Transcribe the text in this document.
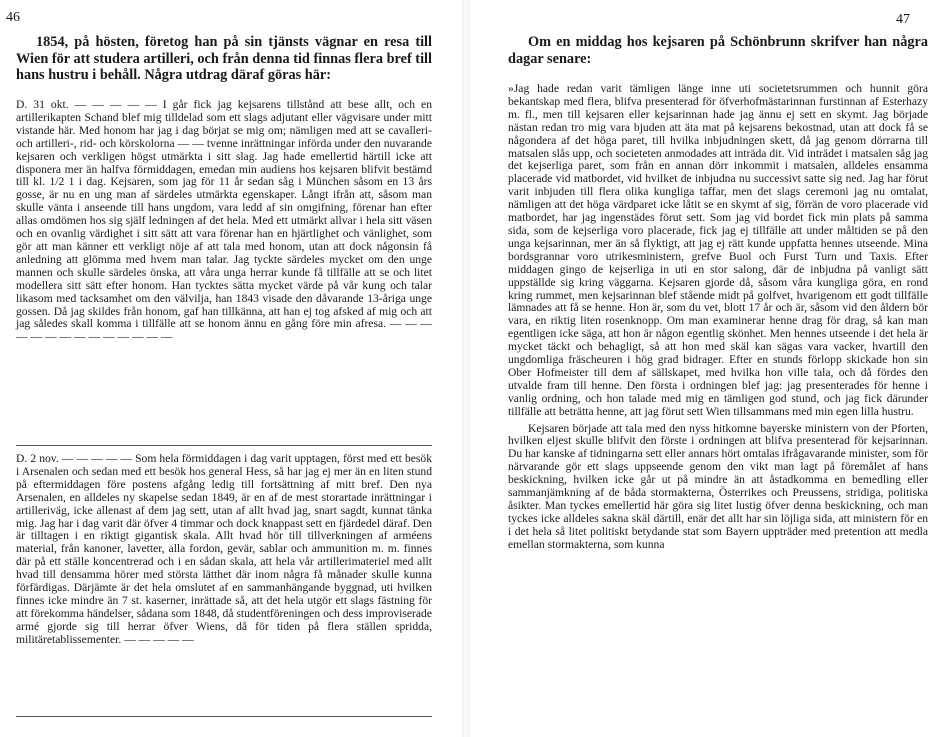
46

1854, på hösten, företog han på sin tjänsts vägnar en resa till Wien för att studera artilleri, och från denna tid finnas flera bref till hans hustru i behåll. Några utdrag däraf göras här:

D. 31 okt. — — — — — I går fick jag kejsarens tillstånd att bese allt, och en artillerikapten Schand blef mig tilldelad som ett slags adjutant eller vägvisare under mitt vistande här. Med honom har jag i dag börjat se mig om; nämligen med att se cavalleri- och artilleri-, rid- och körskolorna — — tvenne inrättningar införda under den nuvarande kejsaren och verkligen högst utmärkta i sitt slag. Jag hade emellertid härtill icke att disponera mer än halfva förmiddagen, emedan min audiens hos kejsaren blifvit bestämd till kl. 1/2 1 i dag. Kejsaren, som jag för 11 år sedan såg i München såsom en 13 års gosse, är nu en ung man af särdeles utmärkta egenskaper. Långt ifrån att, såsom man skulle vänta i anseende till hans ungdom, vara ledd af sin omgifning, förenar han efter allas omdömen hos sig själf ledningen af det hela. Med ett utmärkt allvar i hela sitt väsen och en ovanlig värdighet i sitt sätt att vara förenar han en hjärtlighet och vänlighet, som gör att man känner ett verkligt nöje af att tala med honom, utan att dock någonsin få anledning att glömma med hvem man talar. Jag tyckte särdeles mycket om den unge mannen och skulle särdeles önska, att våra unga herrar kunde få tillfälle att se och litet modellera sitt sätt efter honom. Han tycktes sätta mycket värde på vår kung och talar likasom med tacksamhet om den välvilja, han 1843 visade den dåvarande 13-åriga unge gossen. Då jag skildes från honom, gaf han tillkänna, att han ej tog afsked af mig och att jag således skall komma i tillfälle att se honom ännu en gång före min afresa. — — — — — — — — — — — — — —

D. 2 nov. — — — — — Som hela förmiddagen i dag varit upptagen, först med ett besök i Arsenalen och sedan med ett besök hos general Hess, så har jag ej mer än en liten stund på eftermiddagen före postens afgång ledig till fortsättning af mitt bref. Den nya Arsenalen, en alldeles ny skapelse sedan 1849, är en af de mest storartade inrättningar i artilleriväg, icke allenast af dem jag sett, utan af allt hvad jag, snart sagdt, kunnat tänka mig. Jag har i dag varit där öfver 4 timmar och dock knappast sett en fjärdedel däraf. Den är tilltagen i en riktigt gigantisk skala. Allt hvad hör till tillverkningen af arméens material, från kanoner, lavetter, alla fordon, gevär, sablar och ammunition m. m. finnes där på ett ställe koncentrerad och i en sådan skala, att hela vår artillerimateriel med allt hvad till densamma hörer med största lätthet där inom några få månader skulle kunna förfärdigas. Därjämte är det hela omslutet af en sammanhängande byggnad, uti hvilken finnes icke mindre än 7 st. kaserner, inrättade så, att det hela utgör ett slags fästning för att förekomma händelser, sådana som 1848, då studentföreningen och dess improviserade armé gjorde sig till herrar öfver Wiens, då för tiden på flera ställen spridda, militäretablissementer. — — — — —

47

Om en middag hos kejsaren på Schönbrunn skrifver han några dagar senare:

»Jag hade redan varit tämligen länge inne uti societetsrummen och hunnit göra bekantskap med flera, blifva presenterad för öfverhofmästarinnan furstinnan af Esterhazy m. fl., men till kejsaren eller kejsarinnan hade jag ännu ej sett en skymt. Jag började nästan redan tro mig vara bjuden att äta mat på kejsarens bekostnad, utan att dock få se någondera af det höga paret, till hvilka inbjudningen skett, då jag genom dörrarna till matsalen slås upp, och societeten anmodades att inträda dit. Vid inträdet i matsalen såg jag det kejserliga paret, som från en annan dörr inkommit i matsalen, alldeles ensamma placerade vid matbordet, vid hvilket de inbjudna nu successivt satte sig ned. Jag har förut varit inbjuden till flera olika kungliga taffar, men det slags ceremoni jag nu omtalat, nämligen att det höga värdparet icke låtit se en skymt af sig, förrän de voro placerade vid matbordet, har jag ingenstädes förut sett. Som jag vid bordet fick min plats på samma sida, som de kejserliga voro placerade, fick jag ej tillfälle att under måltiden se på den unga kejsarinnan, mer än så flyktigt, att jag ej rätt kunde uppfatta hennes utseende. Mina bordsgrannar voro utrikesministern, grefve Buol och Furst Turn und Taxis. Efter middagen gingo de kejserliga in uti en stor salong, där de inbjudna på vanligt sätt uppställde sig kring väggarna. Kejsaren gjorde då, såsom våra kungliga göra, en rond kring rummet, men kejsarinnan blef stående midt på golfvet, hvarigenom ett godt tillfälle lämnades att få se henne. Hon är, som du vet, blott 17 år och är, såsom vid den åldern bör vara, en riktig liten rosenknopp. Om man examinerar henne drag för drag, så kan man egentligen icke säga, att hon är någon egentlig skönhet. Men hennes utseende i det hela är mycket täckt och behagligt, så att hon med skäl kan sägas vara vacker, hvartill den ungdomliga fräscheuren i hög grad bidrager. Efter en stunds förlopp skickade hon sin Ober Hofmeister till dem af sällskapet, med hvilka hon ville tala, och då fördes den utvalde fram till henne. Den första i ordningen blef jag: jag presenterades för henne i vanlig ordning, och hon talade med mig en tämligen god stund, och jag fick därunder tillfälle att beträtta henne, att jag förut sett Wien tillsammans med min egen lilla hustru.
Kejsaren började att tala med den nyss hitkomne bayerske ministern von der Pforten, hvilken eljest skulle blifvit den förste i ordningen att blifva presenterad för kejsarinnan. Du har kanske af tidningarna sett eller annars hört omtalas ifrågavarande minister, som för närvarande gör ett slags uppseende genom den vikt man lagt på föremålet af hans beskickning, hvilken icke går ut på mindre än att åstadkomma en bemedling eller sammanjämkning af de båda stormakterna, Österrikes och Preussens, stridiga, politiska åsikter. Man tyckes emellertid här göra sig litet lustig öfver denna beskickning, och man tyckes icke alldeles sakna skäl därtill, enär det allt har sin löjliga sida, att ministern för en i det hela så litet politiskt betydande stat som Bayern uppträder med pretention att medla emellan stormakterna, som kunna
